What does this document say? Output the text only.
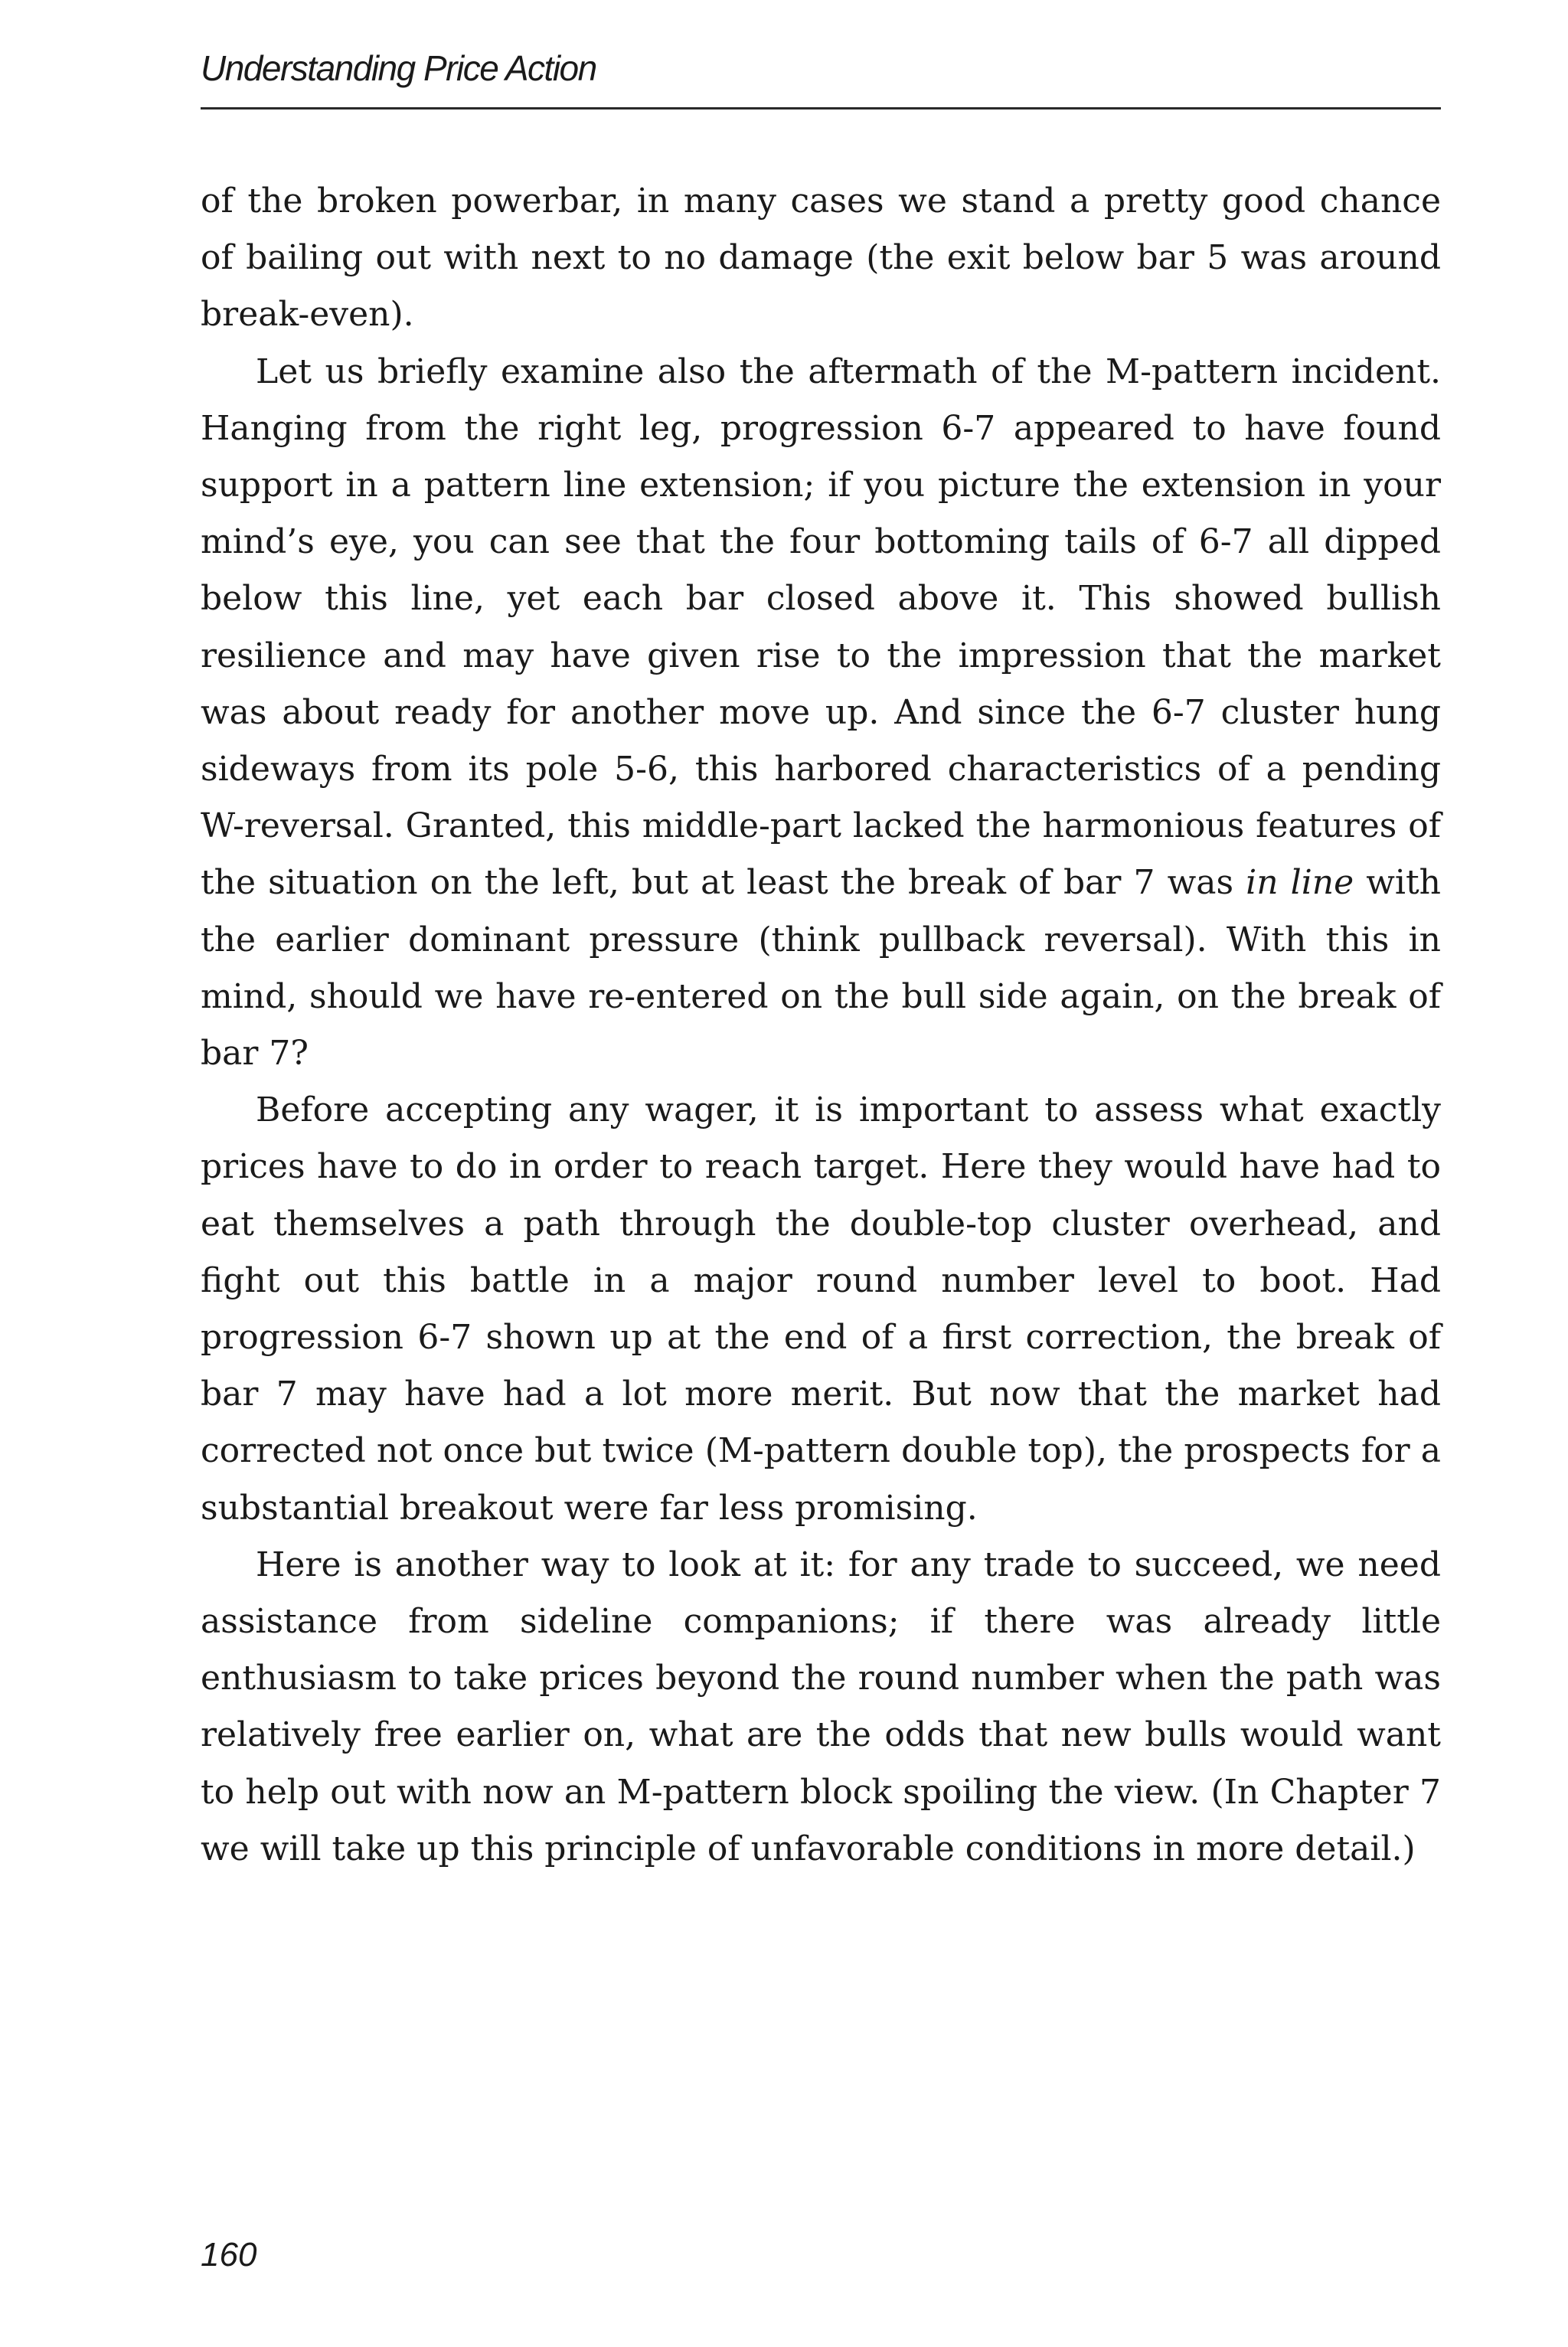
Understanding Price Action

of the broken powerbar, in many cases we stand a pretty good chance of bailing out with next to no damage (the exit below bar 5 was around break-even).

Let us briefly examine also the aftermath of the M-pattern incident. Hanging from the right leg, progression 6-7 appeared to have found support in a pattern line extension; if you picture the extension in your mind’s eye, you can see that the four bottoming tails of 6-7 all dipped below this line, yet each bar closed above it. This showed bullish resilience and may have given rise to the impression that the market was about ready for another move up. And since the 6-7 cluster hung sideways from its pole 5-6, this harbored characteristics of a pending W-reversal. Granted, this middle-part lacked the harmonious features of the situation on the left, but at least the break of bar 7 was in line with the earlier dominant pressure (think pullback reversal). With this in mind, should we have re-entered on the bull side again, on the break of bar 7?

Before accepting any wager, it is important to assess what exactly prices have to do in order to reach target. Here they would have had to eat themselves a path through the double-top cluster overhead, and fight out this battle in a major round number level to boot. Had progression 6-7 shown up at the end of a first correction, the break of bar 7 may have had a lot more merit. But now that the market had corrected not once but twice (M-pattern double top), the prospects for a substantial breakout were far less promising.

Here is another way to look at it: for any trade to succeed, we need assistance from sideline companions; if there was already little enthusiasm to take prices beyond the round number when the path was relatively free earlier on, what are the odds that new bulls would want to help out with now an M-pattern block spoiling the view. (In Chapter 7 we will take up this principle of unfavorable conditions in more detail.)

160
